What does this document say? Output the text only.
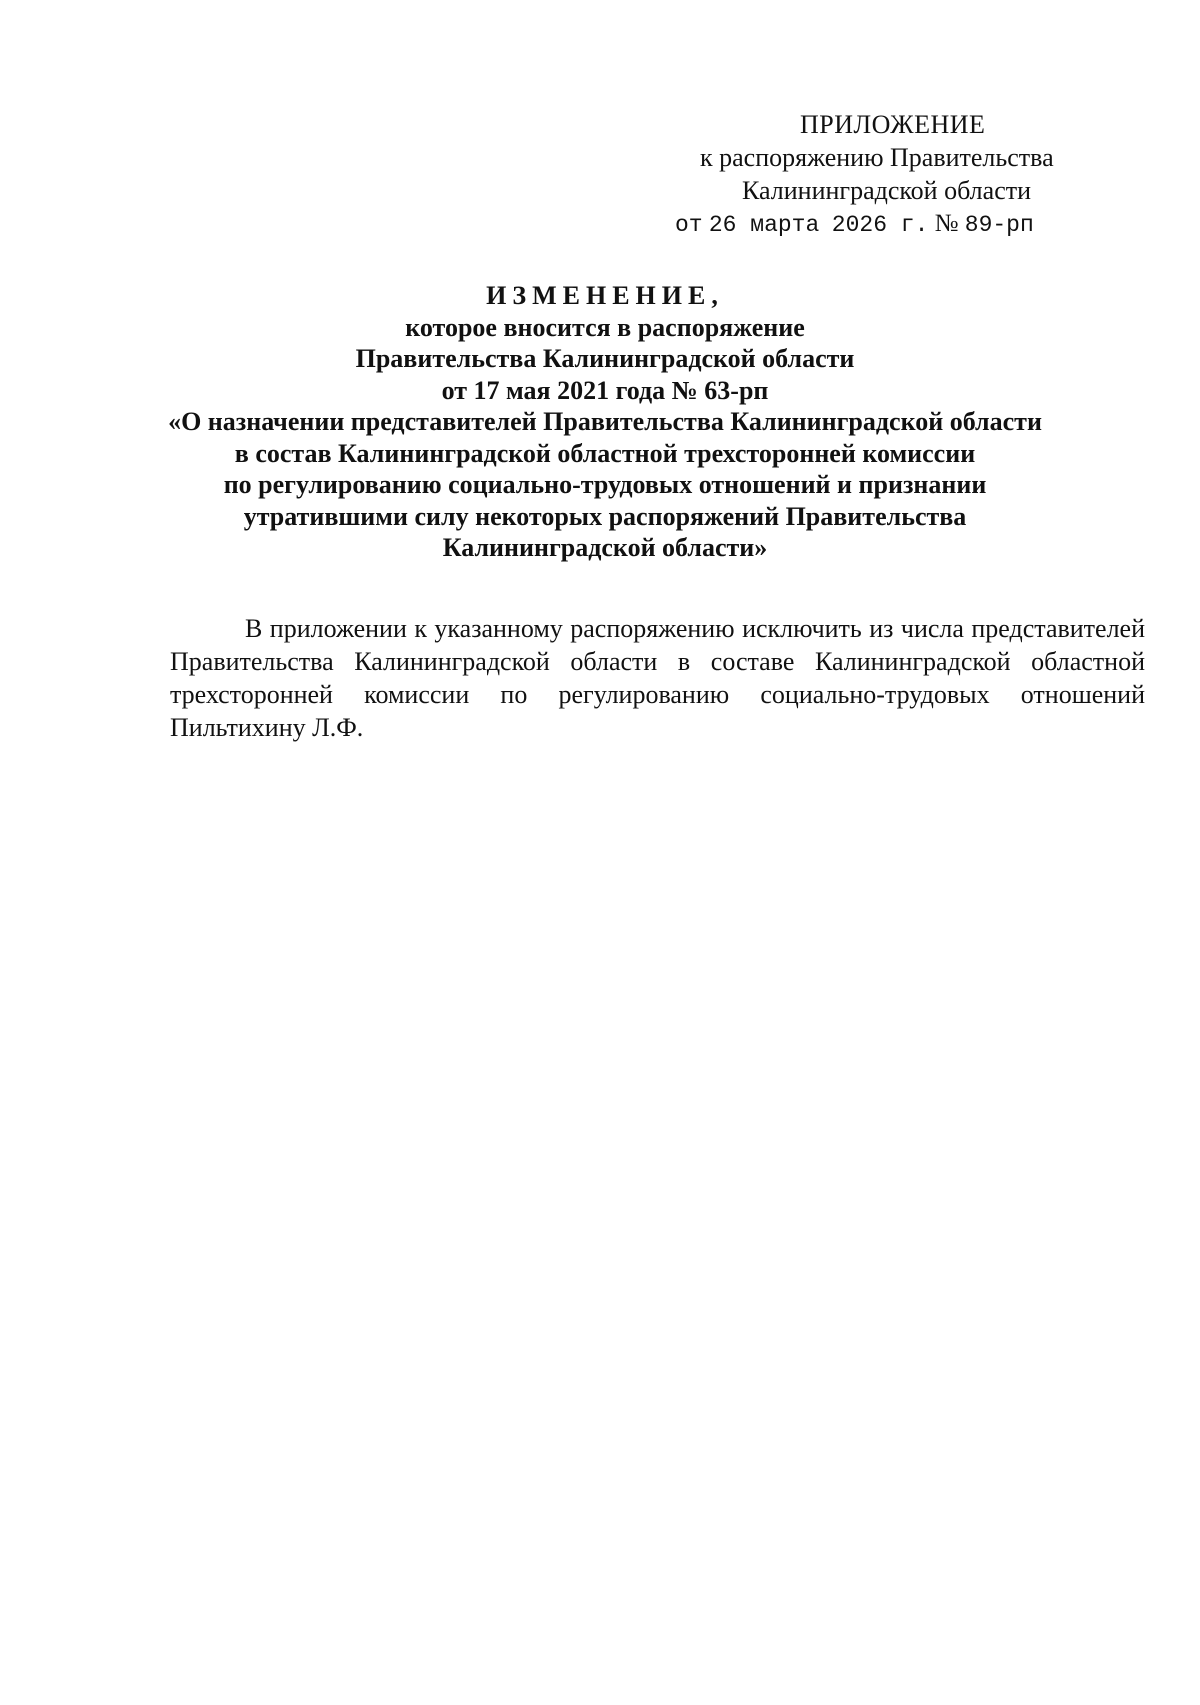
ПРИЛОЖЕНИЕ
к распоряжению Правительства
Калининградской области
от 26 марта 2026 г. № 89-рп
ИЗМЕНЕНИЕ,
которое вносится в распоряжение
Правительства Калининградской области
от 17 мая 2021 года № 63-рп
«О назначении представителей Правительства Калининградской области
в состав Калининградской областной трехсторонней комиссии
по регулированию социально-трудовых отношений и признании
утратившими силу некоторых распоряжений Правительства
Калининградской области»

В приложении к указанному распоряжению исключить из числа представителей Правительства Калининградской области в составе Калининградской областной трехсторонней комиссии по регулированию социально-трудовых отношений Пильтихину Л.Ф.
